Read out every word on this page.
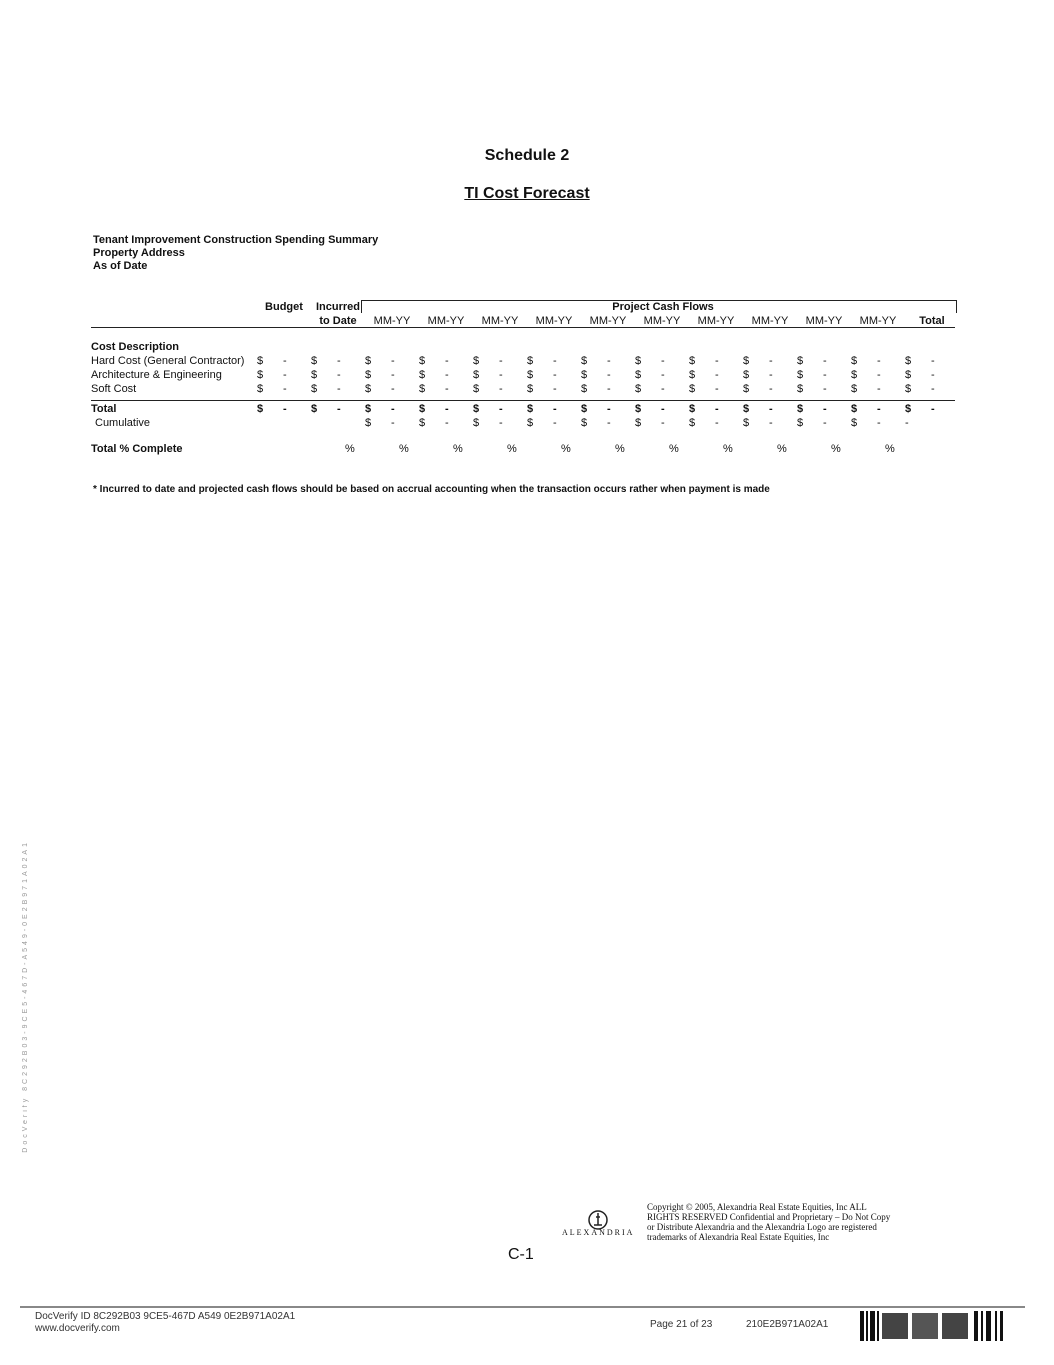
Schedule 2
TI Cost Forecast
Tenant Improvement Construction Spending Summary
Property Address
As of Date
Project Cash Flows
	Budget	Incurred											
		to Date	MM-YY	MM-YY	MM-YY	MM-YY	MM-YY	MM-YY	MM-YY	MM-YY	MM-YY	MM-YY	Total

Cost Description													
Hard Cost (General Contractor)	$ -	$ -	$ -	$ -	$ -	$ -	$ -	$ -	$ -	$ -	$ -	$ -	$ -
Architecture & Engineering	$ -	$ -	$ -	$ -	$ -	$ -	$ -	$ -	$ -	$ -	$ -	$ -	$ -
Soft Cost	$ -	$ -	$ -	$ -	$ -	$ -	$ -	$ -	$ -	$ -	$ -	$ -	$ -

Total	$ -	$ -	$ -	$ -	$ -	$ -	$ -	$ -	$ -	$ -	$ -	$ -	$ -
Cumulative			$ -	$ -	$ -	$ -	$ -	$ -	$ -	$ -	$ -	$ -	-

Total % Complete		%	%	%	%	%	%	%	%	%	%	%	
* Incurred to date and projected cash flows should be based on accrual accounting when the transaction occurs rather when payment is made
ALEXANDRIA
Copyright © 2005, Alexandria Real Estate Equities, Inc ALL RIGHTS RESERVED Confidential and Proprietary – Do Not Copy or Distribute Alexandria and the Alexandria Logo are registered trademarks of Alexandria Real Estate Equities, Inc
C-1
DocVerify ID 8C292B03 9CE5-467D A549 0E2B971A02A1
www.docverify.com	Page 21 of 23	210E2B971A02A1
DocVerify 8C292B03-9CE5-467D-A549-0E2B971A02A1
